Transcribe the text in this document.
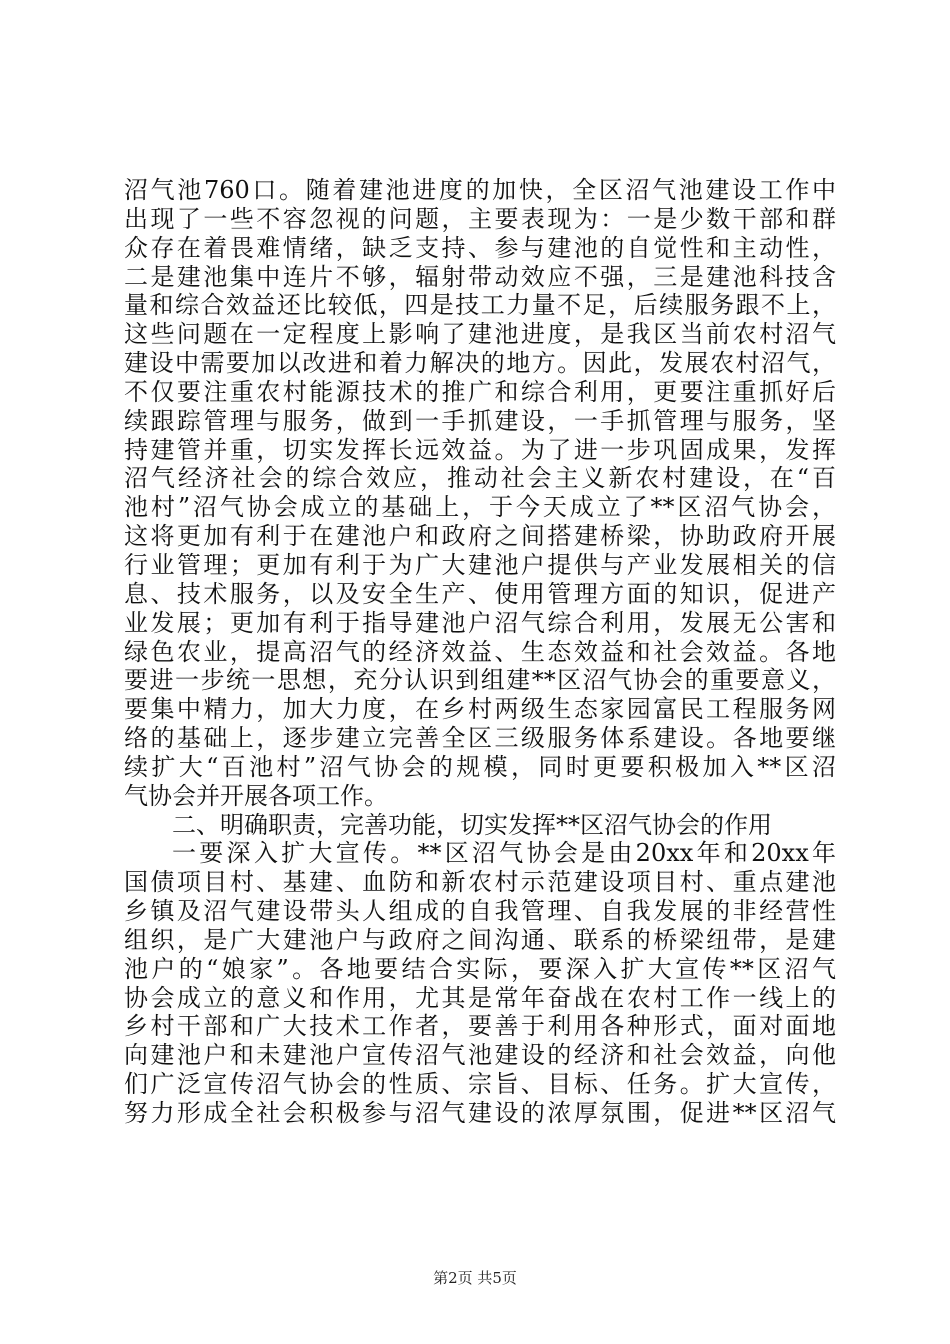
沼气池760口。随着建池进度的加快，全区沼气池建设工作中
出现了一些不容忽视的问题，主要表现为：一是少数干部和群
众存在着畏难情绪，缺乏支持、参与建池的自觉性和主动性，
二是建池集中连片不够，辐射带动效应不强，三是建池科技含
量和综合效益还比较低，四是技工力量不足，后续服务跟不上，
这些问题在一定程度上影响了建池进度，是我区当前农村沼气
建设中需要加以改进和着力解决的地方。因此，发展农村沼气，
不仅要注重农村能源技术的推广和综合利用，更要注重抓好后
续跟踪管理与服务，做到一手抓建设，一手抓管理与服务，坚
持建管并重，切实发挥长远效益。为了进一步巩固成果，发挥
沼气经济社会的综合效应，推动社会主义新农村建设，在“百
池村”沼气协会成立的基础上，于今天成立了**区沼气协会，
这将更加有利于在建池户和政府之间搭建桥梁，协助政府开展
行业管理；更加有利于为广大建池户提供与产业发展相关的信
息、技术服务，以及安全生产、使用管理方面的知识，促进产
业发展；更加有利于指导建池户沼气综合利用，发展无公害和
绿色农业，提高沼气的经济效益、生态效益和社会效益。各地
要进一步统一思想，充分认识到组建**区沼气协会的重要意义，
要集中精力，加大力度，在乡村两级生态家园富民工程服务网
络的基础上，逐步建立完善全区三级服务体系建设。各地要继
续扩大“百池村”沼气协会的规模，同时更要积极加入**区沼
气协会并开展各项工作。
二、明确职责，完善功能，切实发挥**区沼气协会的作用
一要深入扩大宣传。**区沼气协会是由20xx年和20xx年
国债项目村、基建、血防和新农村示范建设项目村、重点建池
乡镇及沼气建设带头人组成的自我管理、自我发展的非经营性
组织，是广大建池户与政府之间沟通、联系的桥梁纽带，是建
池户的“娘家”。各地要结合实际，要深入扩大宣传**区沼气
协会成立的意义和作用，尤其是常年奋战在农村工作一线上的
乡村干部和广大技术工作者，要善于利用各种形式，面对面地
向建池户和未建池户宣传沼气池建设的经济和社会效益，向他
们广泛宣传沼气协会的性质、宗旨、目标、任务。扩大宣传，
努力形成全社会积极参与沼气建设的浓厚氛围，促进**区沼气
第2页 共5页
